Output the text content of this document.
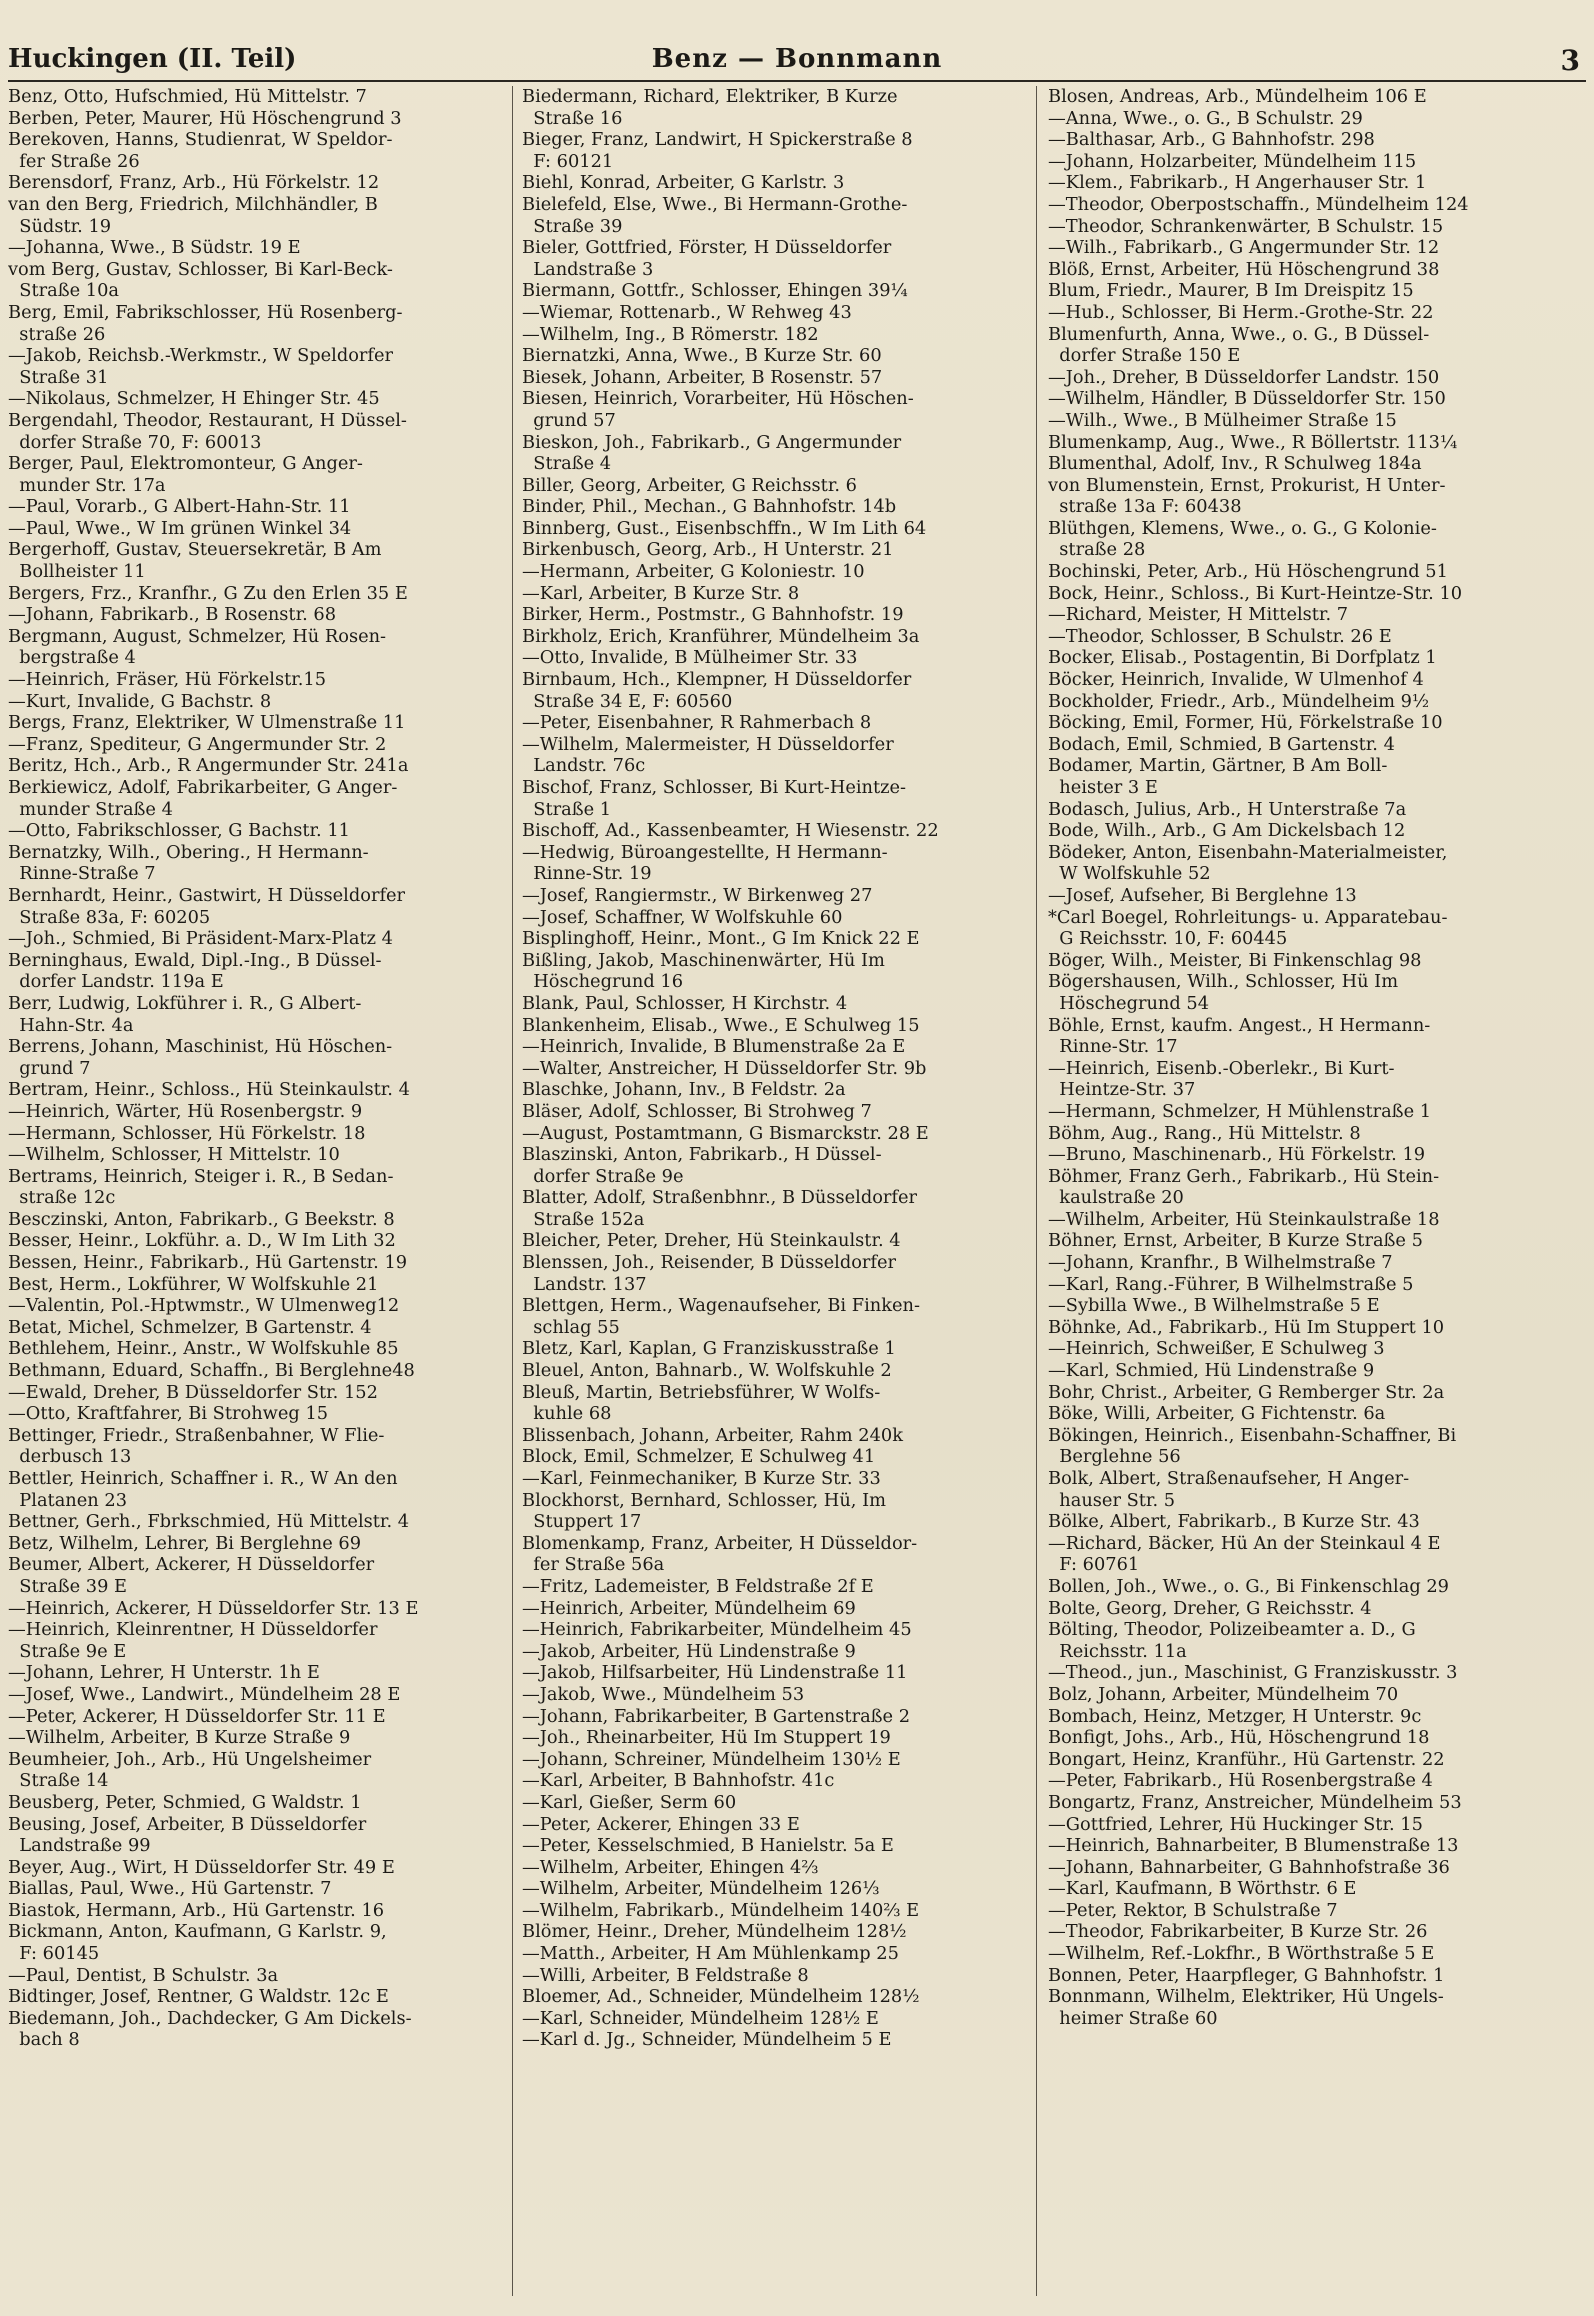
Huckingen (II. Teil)	Benz — Bonnmann	3
Benz, Otto, Hufschmied, Hü Mittelstr. 7
Berben, Peter, Maurer, Hü Höschengrund 3
Berekoven, Hanns, Studienrat, W Speldor-
fer Straße 26
Berensdorf, Franz, Arb., Hü Förkelstr. 12
van den Berg, Friedrich, Milchhändler, B
Südstr. 19
—Johanna, Wwe., B Südstr. 19 E
vom Berg, Gustav, Schlosser, Bi Karl-Beck-
Straße 10a
Berg, Emil, Fabrikschlosser, Hü Rosenberg-
straße 26
—Jakob, Reichsb.-Werkmstr., W Speldorfer
Straße 31
—Nikolaus, Schmelzer, H Ehinger Str. 45
Bergendahl, Theodor, Restaurant, H Düssel-
dorfer Straße 70, F: 60013
Berger, Paul, Elektromonteur, G Anger-
munder Str. 17a
—Paul, Vorarb., G Albert-Hahn-Str. 11
—Paul, Wwe., W Im grünen Winkel 34
Bergerhoff, Gustav, Steuersekretär, B Am
Bollheister 11
Bergers, Frz., Kranfhr., G Zu den Erlen 35 E
—Johann, Fabrikarb., B Rosenstr. 68
Bergmann, August, Schmelzer, Hü Rosen-
bergstraße 4
—Heinrich, Fräser, Hü Förkelstr.15
—Kurt, Invalide, G Bachstr. 8
Bergs, Franz, Elektriker, W Ulmenstraße 11
—Franz, Spediteur, G Angermunder Str. 2
Beritz, Hch., Arb., R Angermunder Str. 241a
Berkiewicz, Adolf, Fabrikarbeiter, G Anger-
munder Straße 4
—Otto, Fabrikschlosser, G Bachstr. 11
Bernatzky, Wilh., Obering., H Hermann-
Rinne-Straße 7
Bernhardt, Heinr., Gastwirt, H Düsseldorfer
Straße 83a, F: 60205
—Joh., Schmied, Bi Präsident-Marx-Platz 4
Berninghaus, Ewald, Dipl.-Ing., B Düssel-
dorfer Landstr. 119a E
Berr, Ludwig, Lokführer i. R., G Albert-
Hahn-Str. 4a
Berrens, Johann, Maschinist, Hü Höschen-
grund 7
Bertram, Heinr., Schloss., Hü Steinkaulstr. 4
—Heinrich, Wärter, Hü Rosenbergstr. 9
—Hermann, Schlosser, Hü Förkelstr. 18
—Wilhelm, Schlosser, H Mittelstr. 10
Bertrams, Heinrich, Steiger i. R., B Sedan-
straße 12c
Besczinski, Anton, Fabrikarb., G Beekstr. 8
Besser, Heinr., Lokführ. a. D., W Im Lith 32
Bessen, Heinr., Fabrikarb., Hü Gartenstr. 19
Best, Herm., Lokführer, W Wolfskuhle 21
—Valentin, Pol.-Hptwmstr., W Ulmenweg12
Betat, Michel, Schmelzer, B Gartenstr. 4
Bethlehem, Heinr., Anstr., W Wolfskuhle 85
Bethmann, Eduard, Schaffn., Bi Berglehne48
—Ewald, Dreher, B Düsseldorfer Str. 152
—Otto, Kraftfahrer, Bi Strohweg 15
Bettinger, Friedr., Straßenbahner, W Flie-
derbusch 13
Bettler, Heinrich, Schaffner i. R., W An den
Platanen 23
Bettner, Gerh., Fbrkschmied, Hü Mittelstr. 4
Betz, Wilhelm, Lehrer, Bi Berglehne 69
Beumer, Albert, Ackerer, H Düsseldorfer
Straße 39 E
—Heinrich, Ackerer, H Düsseldorfer Str. 13 E
—Heinrich, Kleinrentner, H Düsseldorfer
Straße 9e E
—Johann, Lehrer, H Unterstr. 1h E
—Josef, Wwe., Landwirt., Mündelheim 28 E
—Peter, Ackerer, H Düsseldorfer Str. 11 E
—Wilhelm, Arbeiter, B Kurze Straße 9
Beumheier, Joh., Arb., Hü Ungelsheimer
Straße 14
Beusberg, Peter, Schmied, G Waldstr. 1
Beusing, Josef, Arbeiter, B Düsseldorfer
Landstraße 99
Beyer, Aug., Wirt, H Düsseldorfer Str. 49 E
Biallas, Paul, Wwe., Hü Gartenstr. 7
Biastok, Hermann, Arb., Hü Gartenstr. 16
Bickmann, Anton, Kaufmann, G Karlstr. 9,
F: 60145
—Paul, Dentist, B Schulstr. 3a
Bidtinger, Josef, Rentner, G Waldstr. 12c E
Biedemann, Joh., Dachdecker, G Am Dickels-
bach 8
Biedermann, Richard, Elektriker, B Kurze
Straße 16
Bieger, Franz, Landwirt, H Spickerstraße 8
F: 60121
Biehl, Konrad, Arbeiter, G Karlstr. 3
Bielefeld, Else, Wwe., Bi Hermann-Grothe-
Straße 39
Bieler, Gottfried, Förster, H Düsseldorfer
Landstraße 3
Biermann, Gottfr., Schlosser, Ehingen 39¼
—Wiemar, Rottenarb., W Rehweg 43
—Wilhelm, Ing., B Römerstr. 182
Biernatzki, Anna, Wwe., B Kurze Str. 60
Biesek, Johann, Arbeiter, B Rosenstr. 57
Biesen, Heinrich, Vorarbeiter, Hü Höschen-
grund 57
Bieskon, Joh., Fabrikarb., G Angermunder
Straße 4
Biller, Georg, Arbeiter, G Reichsstr. 6
Binder, Phil., Mechan., G Bahnhofstr. 14b
Binnberg, Gust., Eisenbschffn., W Im Lith 64
Birkenbusch, Georg, Arb., H Unterstr. 21
—Hermann, Arbeiter, G Koloniestr. 10
—Karl, Arbeiter, B Kurze Str. 8
Birker, Herm., Postmstr., G Bahnhofstr. 19
Birkholz, Erich, Kranführer, Mündelheim 3a
—Otto, Invalide, B Mülheimer Str. 33
Birnbaum, Hch., Klempner, H Düsseldorfer
Straße 34 E, F: 60560
—Peter, Eisenbahner, R Rahmerbach 8
—Wilhelm, Malermeister, H Düsseldorfer
Landstr. 76c
Bischof, Franz, Schlosser, Bi Kurt-Heintze-
Straße 1
Bischoff, Ad., Kassenbeamter, H Wiesenstr. 22
—Hedwig, Büroangestellte, H Hermann-
Rinne-Str. 19
—Josef, Rangiermstr., W Birkenweg 27
—Josef, Schaffner, W Wolfskuhle 60
Bisplinghoff, Heinr., Mont., G Im Knick 22 E
Bißling, Jakob, Maschinenwärter, Hü Im
Höschegrund 16
Blank, Paul, Schlosser, H Kirchstr. 4
Blankenheim, Elisab., Wwe., E Schulweg 15
—Heinrich, Invalide, B Blumenstraße 2a E
—Walter, Anstreicher, H Düsseldorfer Str. 9b
Blaschke, Johann, Inv., B Feldstr. 2a
Bläser, Adolf, Schlosser, Bi Strohweg 7
—August, Postamtmann, G Bismarckstr. 28 E
Blaszinski, Anton, Fabrikarb., H Düssel-
dorfer Straße 9e
Blatter, Adolf, Straßenbhnr., B Düsseldorfer
Straße 152a
Bleicher, Peter, Dreher, Hü Steinkaulstr. 4
Blenssen, Joh., Reisender, B Düsseldorfer
Landstr. 137
Blettgen, Herm., Wagenaufseher, Bi Finken-
schlag 55
Bletz, Karl, Kaplan, G Franziskusstraße 1
Bleuel, Anton, Bahnarb., W. Wolfskuhle 2
Bleuß, Martin, Betriebsführer, W Wolfs-
kuhle 68
Blissenbach, Johann, Arbeiter, Rahm 240k
Block, Emil, Schmelzer, E Schulweg 41
—Karl, Feinmechaniker, B Kurze Str. 33
Blockhorst, Bernhard, Schlosser, Hü, Im
Stuppert 17
Blomenkamp, Franz, Arbeiter, H Düsseldor-
fer Straße 56a
—Fritz, Lademeister, B Feldstraße 2f E
—Heinrich, Arbeiter, Mündelheim 69
—Heinrich, Fabrikarbeiter, Mündelheim 45
—Jakob, Arbeiter, Hü Lindenstraße 9
—Jakob, Hilfsarbeiter, Hü Lindenstraße 11
—Jakob, Wwe., Mündelheim 53
—Johann, Fabrikarbeiter, B Gartenstraße 2
—Joh., Rheinarbeiter, Hü Im Stuppert 19
—Johann, Schreiner, Mündelheim 130½ E
—Karl, Arbeiter, B Bahnhofstr. 41c
—Karl, Gießer, Serm 60
—Peter, Ackerer, Ehingen 33 E
—Peter, Kesselschmied, B Hanielstr. 5a E
—Wilhelm, Arbeiter, Ehingen 4⅔
—Wilhelm, Arbeiter, Mündelheim 126⅓
—Wilhelm, Fabrikarb., Mündelheim 140⅔ E
Blömer, Heinr., Dreher, Mündelheim 128½
—Matth., Arbeiter, H Am Mühlenkamp 25
—Willi, Arbeiter, B Feldstraße 8
Bloemer, Ad., Schneider, Mündelheim 128½
—Karl, Schneider, Mündelheim 128½ E
—Karl d. Jg., Schneider, Mündelheim 5 E
Blosen, Andreas, Arb., Mündelheim 106 E
—Anna, Wwe., o. G., B Schulstr. 29
—Balthasar, Arb., G Bahnhofstr. 298
—Johann, Holzarbeiter, Mündelheim 115
—Klem., Fabrikarb., H Angerhauser Str. 1
—Theodor, Oberpostschaffn., Mündelheim 124
—Theodor, Schrankenwärter, B Schulstr. 15
—Wilh., Fabrikarb., G Angermunder Str. 12
Blöß, Ernst, Arbeiter, Hü Höschengrund 38
Blum, Friedr., Maurer, B Im Dreispitz 15
—Hub., Schlosser, Bi Herm.-Grothe-Str. 22
Blumenfurth, Anna, Wwe., o. G., B Düssel-
dorfer Straße 150 E
—Joh., Dreher, B Düsseldorfer Landstr. 150
—Wilhelm, Händler, B Düsseldorfer Str. 150
—Wilh., Wwe., B Mülheimer Straße 15
Blumenkamp, Aug., Wwe., R Böllertstr. 113¼
Blumenthal, Adolf, Inv., R Schulweg 184a
von Blumenstein, Ernst, Prokurist, H Unter-
straße 13a F: 60438
Blüthgen, Klemens, Wwe., o. G., G Kolonie-
straße 28
Bochinski, Peter, Arb., Hü Höschengrund 51
Bock, Heinr., Schloss., Bi Kurt-Heintze-Str. 10
—Richard, Meister, H Mittelstr. 7
—Theodor, Schlosser, B Schulstr. 26 E
Bocker, Elisab., Postagentin, Bi Dorfplatz 1
Böcker, Heinrich, Invalide, W Ulmenhof 4
Bockholder, Friedr., Arb., Mündelheim 9½
Böcking, Emil, Former, Hü, Förkelstraße 10
Bodach, Emil, Schmied, B Gartenstr. 4
Bodamer, Martin, Gärtner, B Am Boll-
heister 3 E
Bodasch, Julius, Arb., H Unterstraße 7a
Bode, Wilh., Arb., G Am Dickelsbach 12
Bödeker, Anton, Eisenbahn-Materialmeister,
W Wolfskuhle 52
—Josef, Aufseher, Bi Berglehne 13
*Carl Boegel, Rohrleitungs- u. Apparatebau-
G Reichsstr. 10, F: 60445
Böger, Wilh., Meister, Bi Finkenschlag 98
Bögershausen, Wilh., Schlosser, Hü Im
Höschegrund 54
Böhle, Ernst, kaufm. Angest., H Hermann-
Rinne-Str. 17
—Heinrich, Eisenb.-Oberlekr., Bi Kurt-
Heintze-Str. 37
—Hermann, Schmelzer, H Mühlenstraße 1
Böhm, Aug., Rang., Hü Mittelstr. 8
—Bruno, Maschinenarb., Hü Förkelstr. 19
Böhmer, Franz Gerh., Fabrikarb., Hü Stein-
kaulstraße 20
—Wilhelm, Arbeiter, Hü Steinkaulstraße 18
Böhner, Ernst, Arbeiter, B Kurze Straße 5
—Johann, Kranfhr., B Wilhelmstraße 7
—Karl, Rang.-Führer, B Wilhelmstraße 5
—Sybilla Wwe., B Wilhelmstraße 5 E
Böhnke, Ad., Fabrikarb., Hü Im Stuppert 10
—Heinrich, Schweißer, E Schulweg 3
—Karl, Schmied, Hü Lindenstraße 9
Bohr, Christ., Arbeiter, G Remberger Str. 2a
Böke, Willi, Arbeiter, G Fichtenstr. 6a
Bökingen, Heinrich., Eisenbahn-Schaffner, Bi
Berglehne 56
Bolk, Albert, Straßenaufseher, H Anger-
hauser Str. 5
Bölke, Albert, Fabrikarb., B Kurze Str. 43
—Richard, Bäcker, Hü An der Steinkaul 4 E
F: 60761
Bollen, Joh., Wwe., o. G., Bi Finkenschlag 29
Bolte, Georg, Dreher, G Reichsstr. 4
Bölting, Theodor, Polizeibeamter a. D., G
Reichsstr. 11a
—Theod., jun., Maschinist, G Franziskusstr. 3
Bolz, Johann, Arbeiter, Mündelheim 70
Bombach, Heinz, Metzger, H Unterstr. 9c
Bonfigt, Johs., Arb., Hü, Höschengrund 18
Bongart, Heinz, Kranführ., Hü Gartenstr. 22
—Peter, Fabrikarb., Hü Rosenbergstraße 4
Bongartz, Franz, Anstreicher, Mündelheim 53
—Gottfried, Lehrer, Hü Huckinger Str. 15
—Heinrich, Bahnarbeiter, B Blumenstraße 13
—Johann, Bahnarbeiter, G Bahnhofstraße 36
—Karl, Kaufmann, B Wörthstr. 6 E
—Peter, Rektor, B Schulstraße 7
—Theodor, Fabrikarbeiter, B Kurze Str. 26
—Wilhelm, Ref.-Lokfhr., B Wörthstraße 5 E
Bonnen, Peter, Haarpfleger, G Bahnhofstr. 1
Bonnmann, Wilhelm, Elektriker, Hü Ungels-
heimer Straße 60
